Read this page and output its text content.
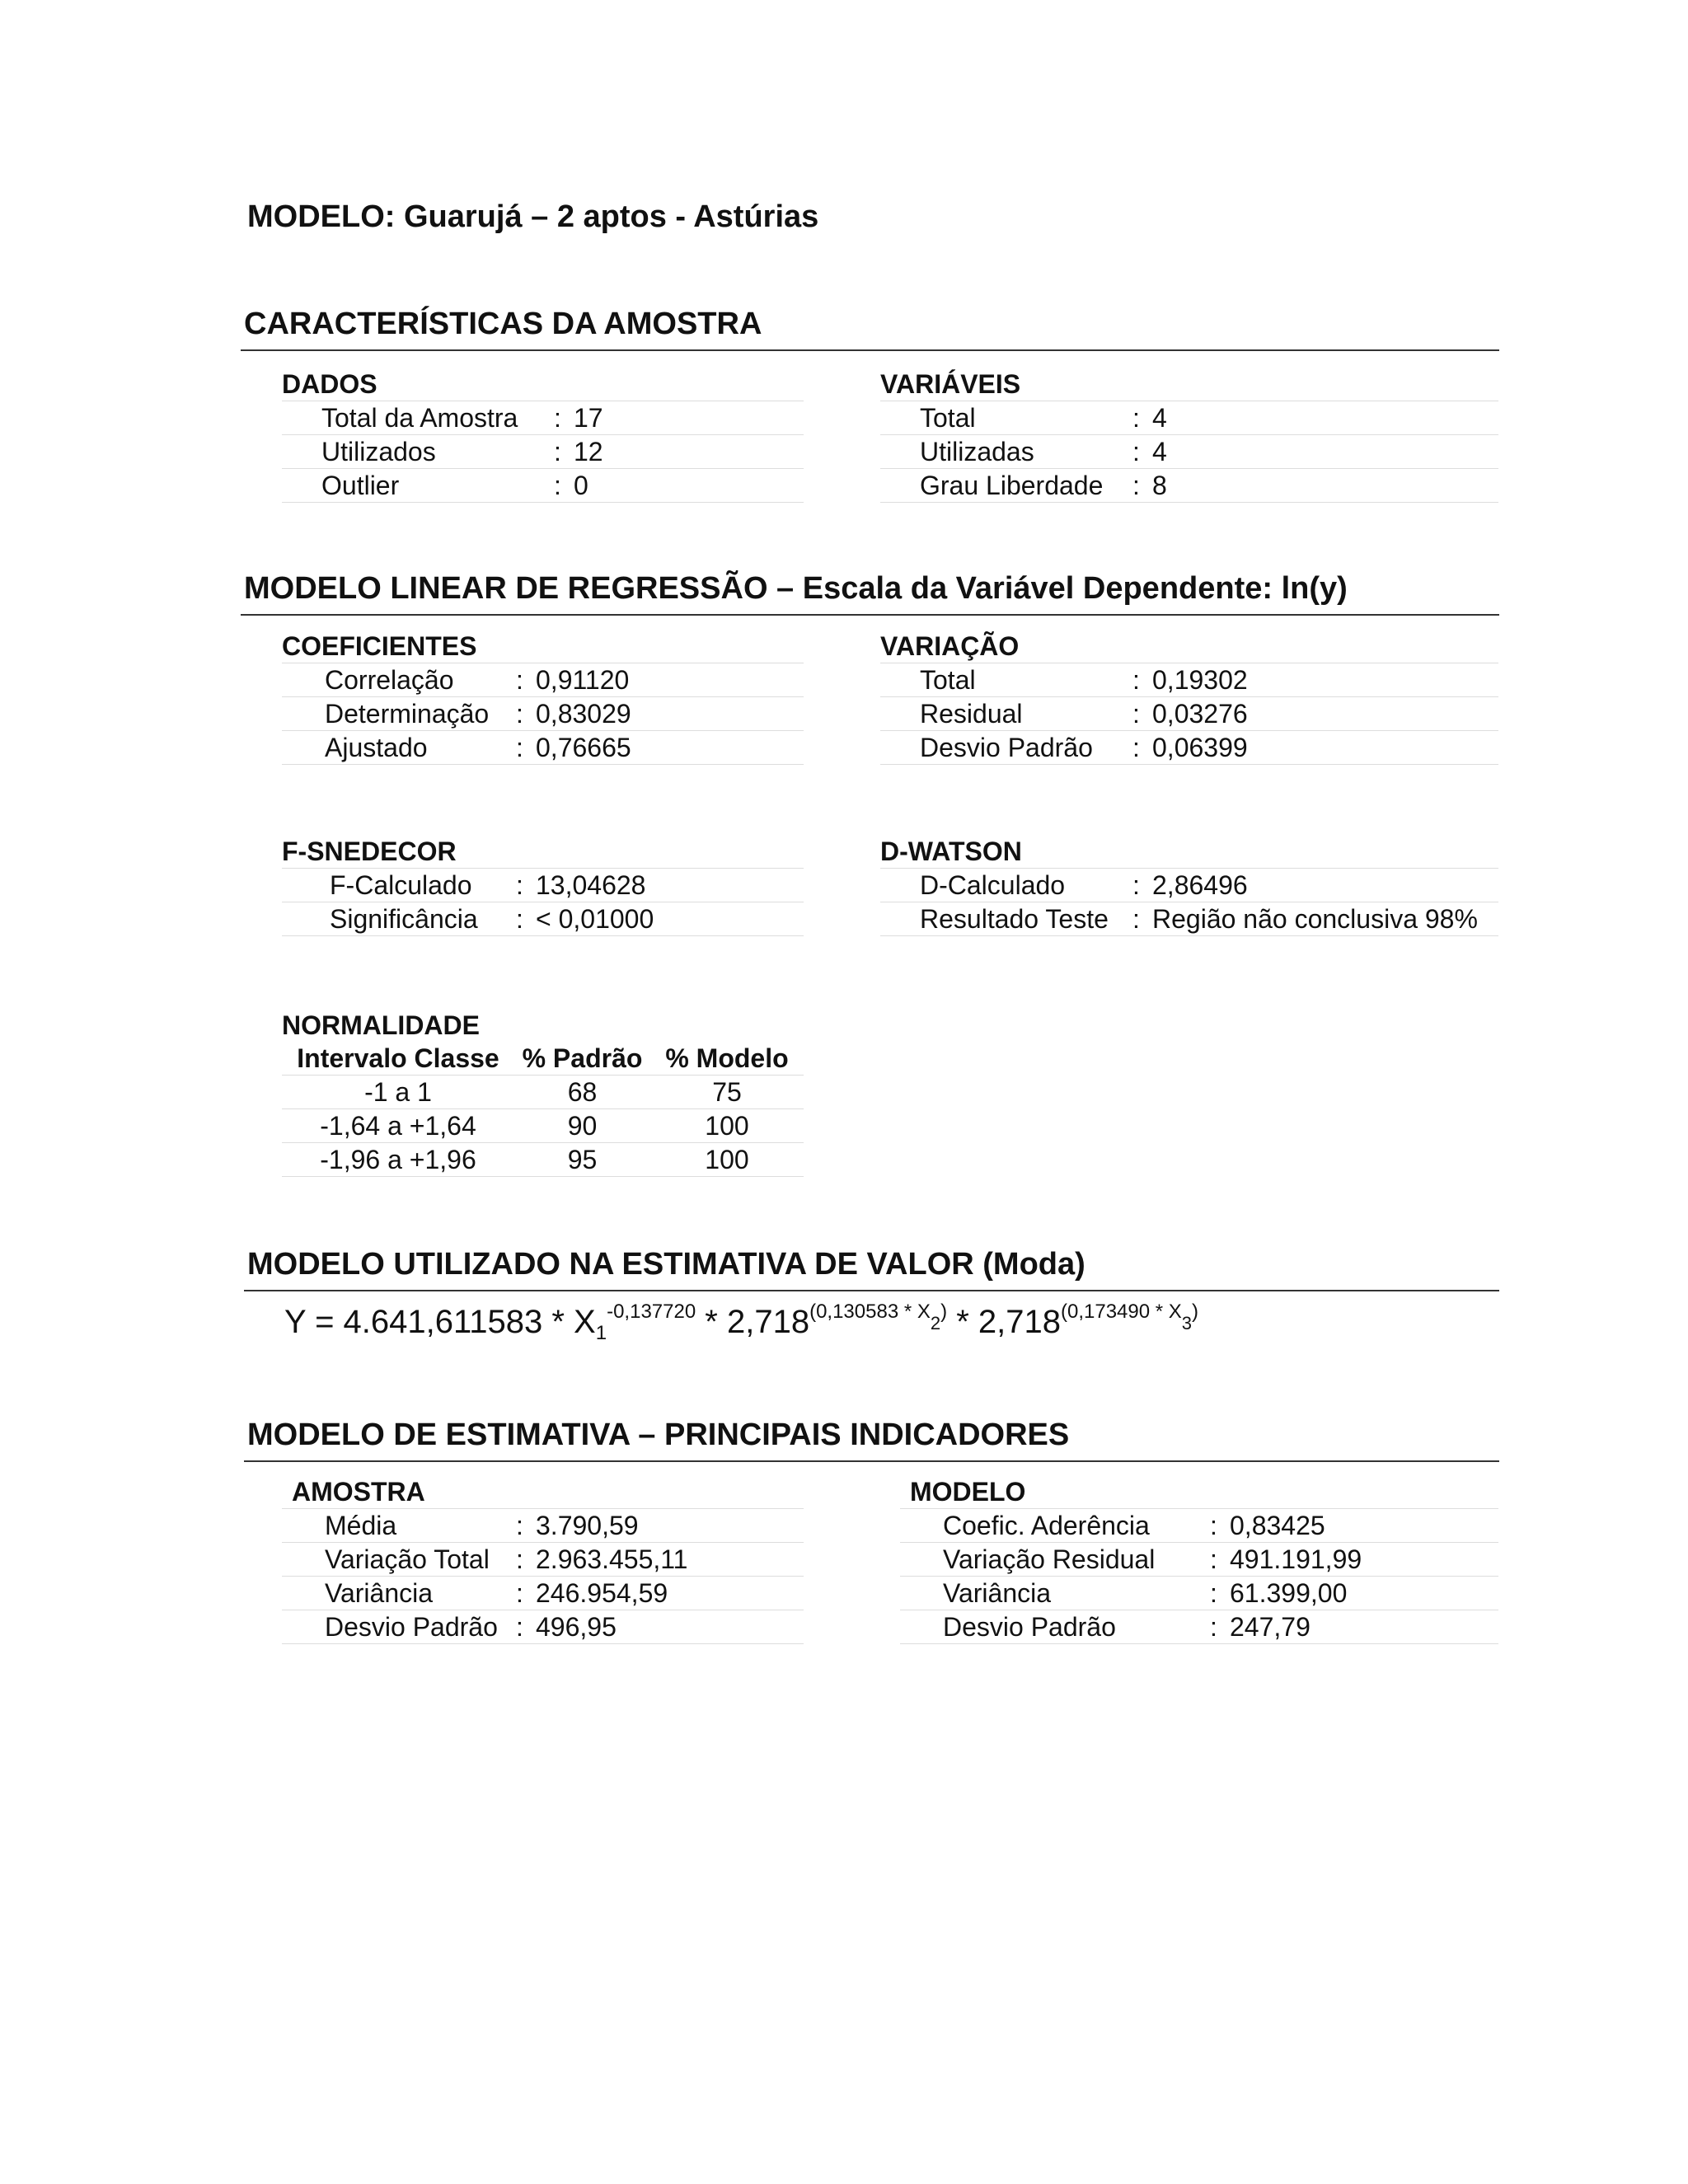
MODELO: Guarujá – 2 aptos - Astúrias
CARACTERÍSTICAS DA AMOSTRA
DADOS
Total da Amostra : 17
Utilizados	: 12
Outlier	: 0
VARIÁVEIS
Total	: 4
Utilizadas	: 4
Grau Liberdade : 8
MODELO LINEAR DE REGRESSÃO – Escala da Variável Dependente: ln(y)
COEFICIENTES
Correlação : 0,91120
Determinação : 0,83029
Ajustado	: 0,76665
VARIAÇÃO
Total	: 0,19302
Residual	: 0,03276
Desvio Padrão : 0,06399
F-SNEDECOR
F-Calculado : 13,04628
Significância : < 0,01000
D-WATSON
D-Calculado	: 2,86496
Resultado Teste : Região não conclusiva 98%
NORMALIDADE
Intervalo Classe % Padrão % Modelo
-1 a 1	68	75
-1,64 a +1,64	90	100
-1,96 a +1,96	95	100
MODELO UTILIZADO NA ESTIMATIVA DE VALOR (Moda)
$Y = 4.641,611583 * X_1^{-0,137720} * 2,718^{(0,130583 * X_2)} * 2,718^{(0,173490 * X_3)}$
MODELO DE ESTIMATIVA – PRINCIPAIS INDICADORES
AMOSTRA
Média	: 3.790,59
Variação Total : 2.963.455,11
Variância	: 246.954,59
Desvio Padrão : 496,95
MODELO
Coefic. Aderência : 0,83425
Variação Residual : 491.191,99
Variância	: 61.399,00
Desvio Padrão	: 247,79
